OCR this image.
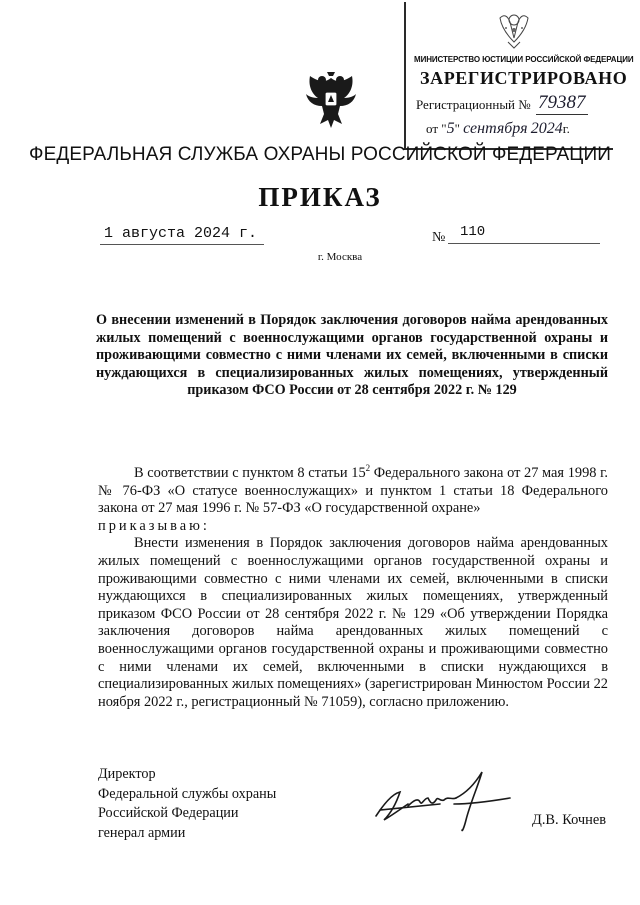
МИНИСТЕРСТВО ЮСТИЦИИ РОССИЙСКОЙ ФЕДЕРАЦИИ
ЗАРЕГИСТРИРОВАНО
Регистрационный № 79387
от "5" сентября 2024г.
ФЕДЕРАЛЬНАЯ СЛУЖБА ОХРАНЫ РОССИЙСКОЙ ФЕДЕРАЦИИ
ПРИКАЗ
1 августа 2024 г.	№	110
г. Москва
О внесении изменений в Порядок заключения договоров найма арендованных жилых помещений с военнослужащими органов государственной охраны и проживающими совместно с ними членами их семей, включенными в списки нуждающихся в специализированных жилых помещениях, утвержденный приказом ФСО России от 28 сентября 2022 г. № 129

В соответствии с пунктом 8 статьи $15^2$ Федерального закона от 27 мая 1998 г. № 76-ФЗ «О статусе военнослужащих» и пунктом 1 статьи 18 Федерального закона от 27 мая 1996 г. № 57-ФЗ «О государственной охране»

приказываю:

Внести изменения в Порядок заключения договоров найма арендованных жилых помещений с военнослужащими органов государственной охраны и проживающими совместно с ними членами их семей, включенными в списки нуждающихся в специализированных жилых помещениях, утвержденный приказом ФСО России от 28 сентября 2022 г. № 129 «Об утверждении Порядка заключения договоров найма арендованных жилых помещений с военнослужащими органов государственной охраны и проживающими совместно с ними членами их семей, включенными в списки нуждающихся в специализированных жилых помещениях» (зарегистрирован Минюстом России 22 ноября 2022 г., регистрационный № 71059), согласно приложению.

Директор
Федеральной службы охраны
Российской Федерации
генерал армии
Д.В. Кочнев
